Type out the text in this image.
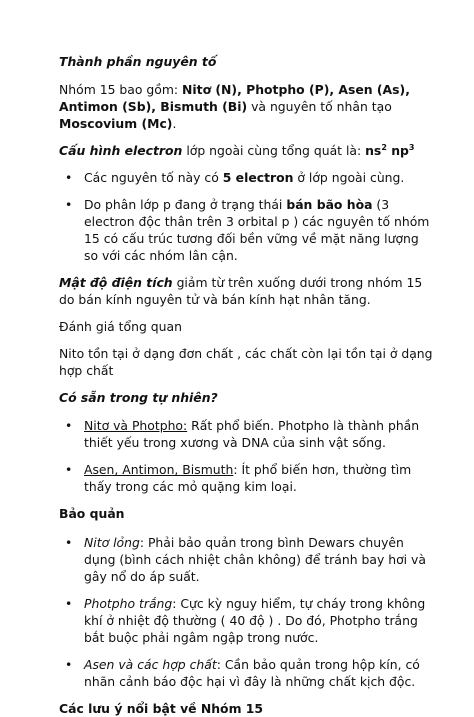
Thành phần nguyên tố

Nhóm 15 bao gồm: Nitơ (N), Photpho (P), Asen (As), Antimon (Sb), Bismuth (Bi) và nguyên tố nhân tạo Moscovium (Mc).

Cấu hình electron lớp ngoài cùng tổng quát là: $ns^2$ $np^3$

• Các nguyên tố này có 5 electron ở lớp ngoài cùng.
• Do phân lớp p đang ở trạng thái bán bão hòa (3 electron độc thân trên 3 orbital p ) các nguyên tố nhóm 15 có cấu trúc tương đối bền vững về mặt năng lượng so với các nhóm lân cận.

Mật độ điện tích giảm từ trên xuống dưới trong nhóm 15 do bán kính nguyên tử và bán kính hạt nhân tăng.

Đánh giá tổng quan

Nito tồn tại ở dạng đơn chất , các chất còn lại tồn tại ở dạng hợp chất

Có sẵn trong tự nhiên?

• Nitơ và Photpho: Rất phổ biến. Photpho là thành phần thiết yếu trong xương và DNA của sinh vật sống.
• Asen, Antimon, Bismuth: Ít phổ biến hơn, thường tìm thấy trong các mỏ quặng kim loại.

Bảo quản

• Nitơ lỏng: Phải bảo quản trong bình Dewars chuyên dụng (bình cách nhiệt chân không) để tránh bay hơi và gây nổ do áp suất.
• Photpho trắng: Cực kỳ nguy hiểm, tự cháy trong không khí ở nhiệt độ thường ( 40 độ ) . Do đó, Photpho trắng bắt buộc phải ngâm ngập trong nước.
• Asen và các hợp chất: Cần bảo quản trong hộp kín, có nhãn cảnh báo độc hại vì đây là những chất kịch độc.

Các lưu ý nổi bật về Nhóm 15
